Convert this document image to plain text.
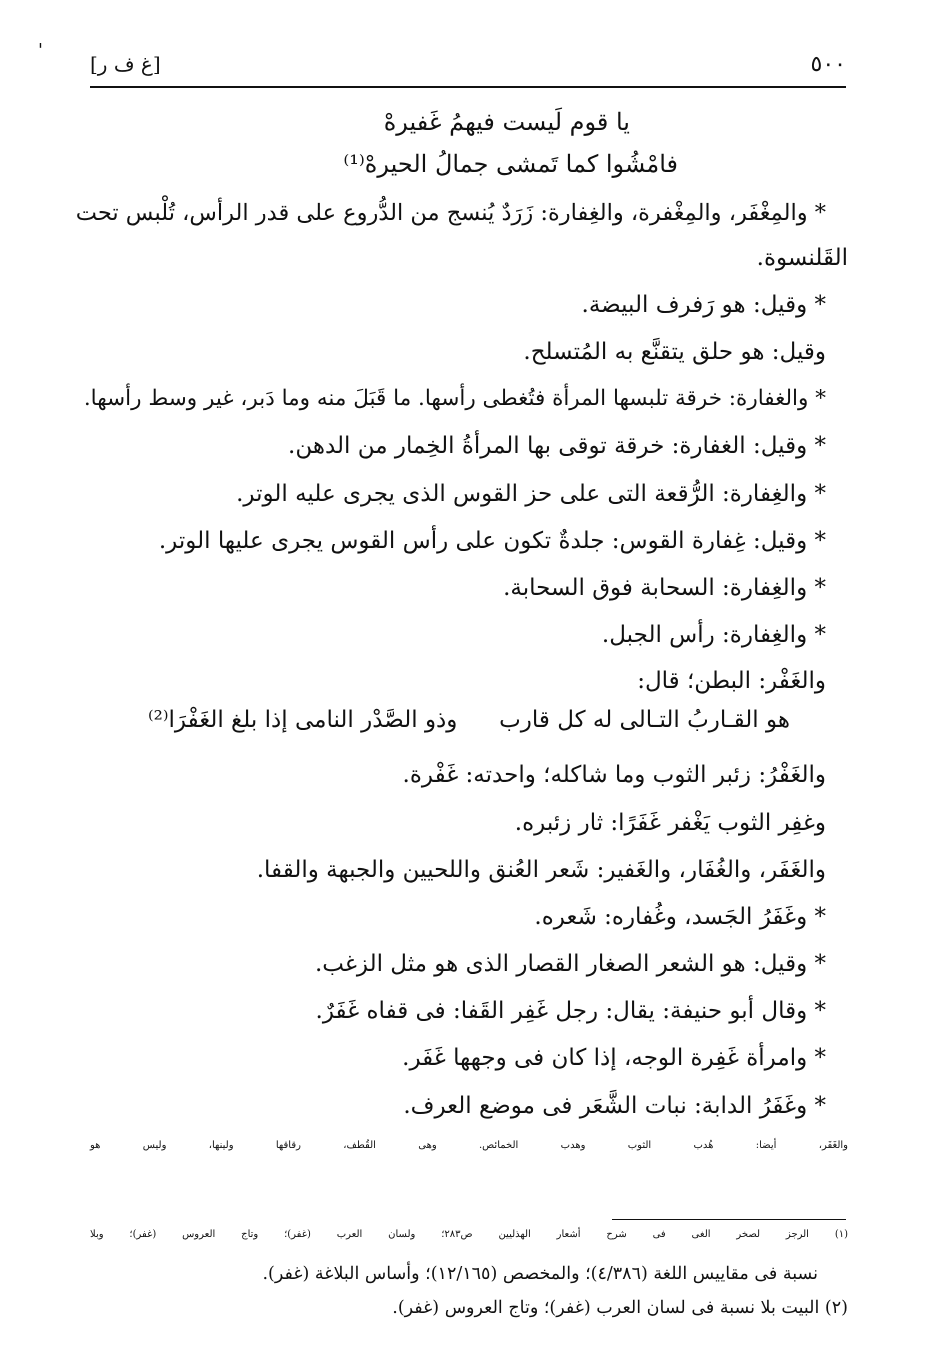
'
٥٠٠
[غ ف ر]
يا قوم لَيست فيهمُ غَفيرهْ
فامْشُوا كما تَمشى جمالُ الحيرهْ⁽¹⁾
* والمِغْفَر، والمِغْفرة، والغِفارة: زَرَدٌ يُنسج من الدُّروع على قدر الرأس، تُلْبس تحت
القَلنسوة.
* وقيل: هو رَفرف البيضة.
وقيل: هو حلق يتقنَّع به المُتسلح.
* والغفارة: خرقة تلبسها المرأة فتُغطى رأسها. ما قَبَلَ منه وما دَبر، غير وسط رأسها.
* وقيل: الغفارة: خرقة توقى بها المرأةُ الخِمار من الدهن.
* والغِفارة: الرُّقعة التى على حز القوس الذى يجرى عليه الوتر.
* وقيل: غِفارة القوس: جلدةٌ تكون على رأس القوس يجرى عليها الوتر.
* والغِفارة: السحابة فوق السحابة.
* والغِفارة: رأس الجبل.
والغَفْر: البطن؛ قال:
هو القـاربُ التـالى له كل قارب
وذو الصَّدْر النامى إذا بلغ الغَفْرَا⁽²⁾
والغَفْرُ: زئبر الثوب وما شاكله؛ واحدته: غَفْرة.
وغفِر الثوب يَغْفر غَفَرًا: ثار زئبره.
والغَفَر، والغُفَار، والغَفير: شَعر العُنق واللحيين والجبهة والقفا.
* وغَفَرُ الجَسد، وغُفاره: شَعره.
* وقيل: هو الشعر الصغار القصار الذى هو مثل الزغب.
* وقال أبو حنيفة: يقال: رجل غَفِر القَفا: فى قفاه غَفَرٌ.
* وامرأة غَفِرة الوجه، إذا كان فى وجهها غَفَر.
* وغَفَرُ الدابة: نبات الشَّعَر فى موضع العرف.
والغَفَر، أيضا: هُدب الثوب وهدب الخمائص. وهى القُطف، رقاقها ولينها، وليس هو
(١) الرجز لصخر الغى فى شرح أشعار الهذليين ص٢٨٣؛ ولسان العرب (غفر)؛ وتاج العروس (غفر)؛ وبلا
نسبة فى مقاييس اللغة (٤/٣٨٦)؛ والمخصص (١٢/١٦٥)؛ وأساس البلاغة (غفر).
(٢) البيت بلا نسبة فى لسان العرب (غفر)؛ وتاج العروس (غفر).
